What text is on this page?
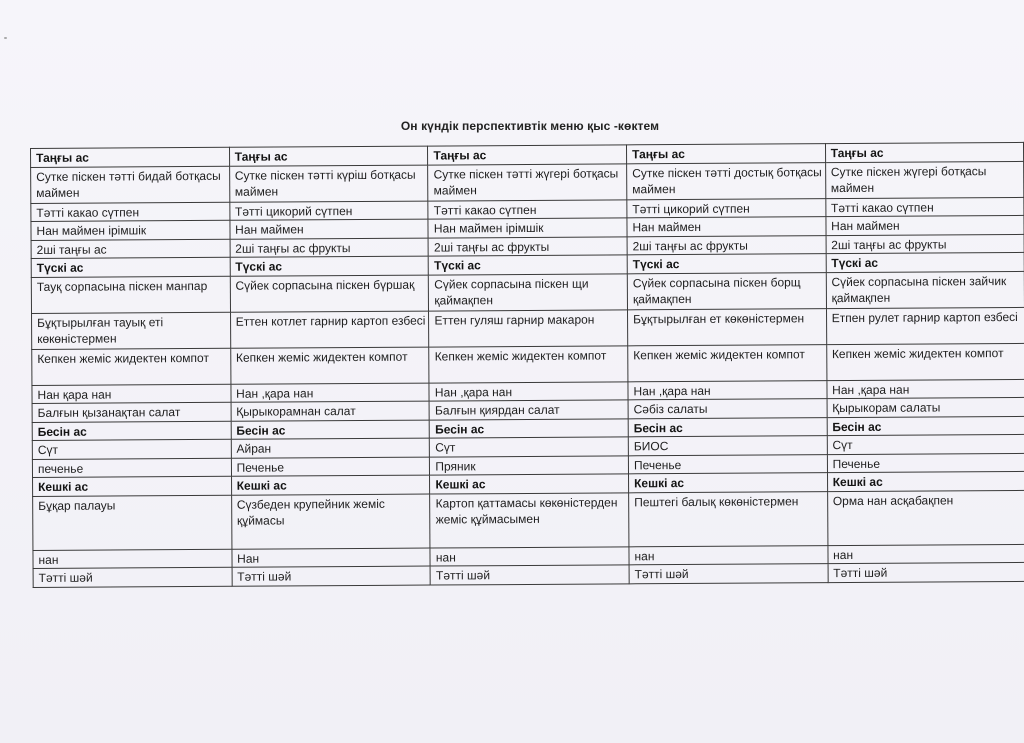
Он күндік перспективтік меню қыс -көктем
Таңғы ас	Таңғы ас	Таңғы ас	Таңғы ас	Таңғы ас
Сутке піскен тәтті бидай ботқасы маймен	Сутке піскен тәтті күріш ботқасы маймен	Сутке піскен тәтті жүгері ботқасы маймен	Сутке піскен тәтті достық ботқасы маймен	Сутке піскен жүгері ботқасы маймен
Тәтті какао сүтпен	Тәтті цикорий сүтпен	Тәтті какао сүтпен	Тәтті цикорий сүтпен	Тәтті какао сүтпен
Нан маймен ірімшік	Нан маймен	Нан маймен ірімшік	Нан маймен	Нан маймен
2ші таңғы ас	2ші таңғы ас фрукты	2ші таңғы ас фрукты	2ші таңғы ас фрукты	2ші таңғы ас фрукты
Түскі ас	Түскі ас	Түскі ас	Түскі ас	Түскі ас
Тауқ сорпасына піскен манпар	Сүйек сорпасына піскен бүршақ	Сүйек сорпасына піскен щи қаймақпен	Сүйек сорпасына піскен борщ қаймақпен	Сүйек сорпасына піскен зайчик қаймақпен
Бұқтырылған тауық еті көкөністермен	Еттен котлет гарнир картоп езбесі	Еттен гуляш гарнир макарон	Бұқтырылған ет көкөністермен	Етпен рулет гарнир картоп езбесі
Кепкен жеміс жидектен компот	Кепкен жеміс жидектен компот	Кепкен жеміс жидектен компот	Кепкен жеміс жидектен компот	Кепкен жеміс жидектен компот
Нан қара нан	Нан ,қара нан	Нан ,қара нан	Нан ,қара нан	Нан ,қара нан
Балғын қызанақтан салат	Қырыкорамнан салат	Балғын қиярдан салат	Сәбіз салаты	Қырыкорам салаты
Бесін ас	Бесін ас	Бесін ас	Бесін ас	Бесін ас
Сүт	Айран	Сүт	БИОС	Сүт
печенье	Печенье	Пряник	Печенье	Печенье
Кешкі ас	Кешкі ас	Кешкі ас	Кешкі ас	Кешкі ас
Бұқар палауы	Сүзбеден крупейник жеміс құймасы	Картоп қаттамасы көкөністерден жеміс құймасымен	Пештегі балық көкөністермен	Орма нан асқабақпен
нан	Нан	нан	нан	нан
Тәтті шәй	Тәтті шәй	Тәтті шәй	Тәтті шәй	Тәтті шәй
